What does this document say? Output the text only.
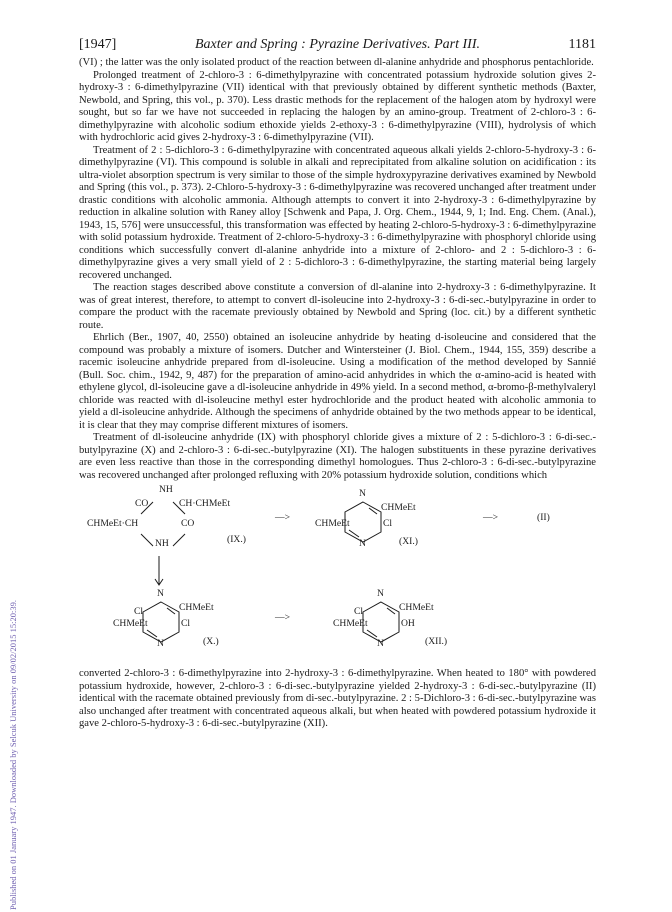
Published on 01 January 1947. Downloaded by Selcuk University on 09/02/2015 15:20:39.
[1947]	Baxter and Spring : Pyrazine Derivatives. Part III.	1181

(VI) ; the latter was the only isolated product of the reaction between dl-alanine anhydride and phosphorus pentachloride.

Prolonged treatment of 2-chloro-3 : 6-dimethylpyrazine with concentrated potassium hydroxide solution gives 2-hydroxy-3 : 6-dimethylpyrazine (VII) identical with that previously obtained by different synthetic methods (Baxter, Newbold, and Spring, this vol., p. 370). Less drastic methods for the replacement of the halogen atom by hydroxyl were sought, but so far we have not succeeded in replacing the halogen by an amino-group. Treatment of 2-chloro-3 : 6-dimethylpyrazine with alcoholic sodium ethoxide yields 2-ethoxy-3 : 6-dimethylpyrazine (VIII), hydrolysis of which with hydrochloric acid gives 2-hydroxy-3 : 6-dimethylpyrazine (VII).

Treatment of 2 : 5-dichloro-3 : 6-dimethylpyrazine with concentrated aqueous alkali yields 2-chloro-5-hydroxy-3 : 6-dimethylpyrazine (VI). This compound is soluble in alkali and reprecipitated from alkaline solution on acidification : its ultra-violet absorption spectrum is very similar to those of the simple hydroxypyrazine derivatives examined by Newbold and Spring (this vol., p. 373). 2-Chloro-5-hydroxy-3 : 6-dimethylpyrazine was recovered unchanged after treatment under drastic conditions with alcoholic ammonia. Although attempts to convert it into 2-hydroxy-3 : 6-dimethylpyrazine by reduction in alkaline solution with Raney alloy [Schwenk and Papa, J. Org. Chem., 1944, 9, 1; Ind. Eng. Chem. (Anal.), 1943, 15, 576] were unsuccessful, this transformation was effected by heating 2-chloro-5-hydroxy-3 : 6-dimethylpyrazine with solid potassium hydroxide. Treatment of 2-chloro-5-hydroxy-3 : 6-dimethylpyrazine with phosphoryl chloride using conditions which successfully convert dl-alanine anhydride into a mixture of 2-chloro- and 2 : 5-dichloro-3 : 6-dimethylpyrazine gives a very small yield of 2 : 5-dichloro-3 : 6-dimethylpyrazine, the starting material being largely recovered unchanged.

The reaction stages described above constitute a conversion of dl-alanine into 2-hydroxy-3 : 6-dimethylpyrazine. It was of great interest, therefore, to attempt to convert dl-isoleucine into 2-hydroxy-3 : 6-di-sec.-butylpyrazine in order to compare the product with the racemate previously obtained by Newbold and Spring (loc. cit.) by a different synthetic route.

Ehrlich (Ber., 1907, 40, 2550) obtained an isoleucine anhydride by heating d-isoleucine and considered that the compound was probably a mixture of isomers. Dutcher and Wintersteiner (J. Biol. Chem., 1944, 155, 359) describe a racemic isoleucine anhydride prepared from dl-isoleucine. Using a modification of the method developed by Sannié (Bull. Soc. chim., 1942, 9, 487) for the preparation of amino-acid anhydrides in which the α-amino-acid is heated with ethylene glycol, dl-isoleucine gave a dl-isoleucine anhydride in 49% yield. In a second method, α-bromo-β-methylvaleryl chloride was reacted with dl-isoleucine methyl ester hydrochloride and the product heated with alcoholic ammonia to yield a dl-isoleucine anhydride. Although the specimens of anhydride obtained by the two methods appear to be identical, it is clear that they may comprise different mixtures of isomers.

Treatment of dl-isoleucine anhydride (IX) with phosphoryl chloride gives a mixture of 2 : 5-dichloro-3 : 6-di-sec.-butylpyrazine (X) and 2-chloro-3 : 6-di-sec.-butylpyrazine (XI). The halogen substituents in these pyrazine derivatives are even less reactive than those in the corresponding dimethyl homologues. Thus 2-chloro-3 : 6-di-sec.-butylpyrazine was recovered unchanged after prolonged refluxing with 20% potassium hydroxide solution, conditions which

NH
CO	CH·CHMeEt
CHMeEt·CH	CO
NH	(IX.)
—>
N
CHMeEt
Cl
CHMeEt
N	(XI.)
—>	(II)
Cl
N
CHMeEt
CHMeEt	Cl
N	(X.)
—>
Cl
N
CHMeEt
CHMeEt	OH
N	(XII.)

converted 2-chloro-3 : 6-dimethylpyrazine into 2-hydroxy-3 : 6-dimethylpyrazine. When heated to 180° with powdered potassium hydroxide, however, 2-chloro-3 : 6-di-sec.-butylpyrazine yielded 2-hydroxy-3 : 6-di-sec.-butylpyrazine (II) identical with the racemate obtained previously from di-sec.-butylpyrazine. 2 : 5-Dichloro-3 : 6-di-sec.-butylpyrazine was also unchanged after treatment with concentrated aqueous alkali, but when heated with powdered potassium hydroxide it gave 2-chloro-5-hydroxy-3 : 6-di-sec.-butylpyrazine (XII).
